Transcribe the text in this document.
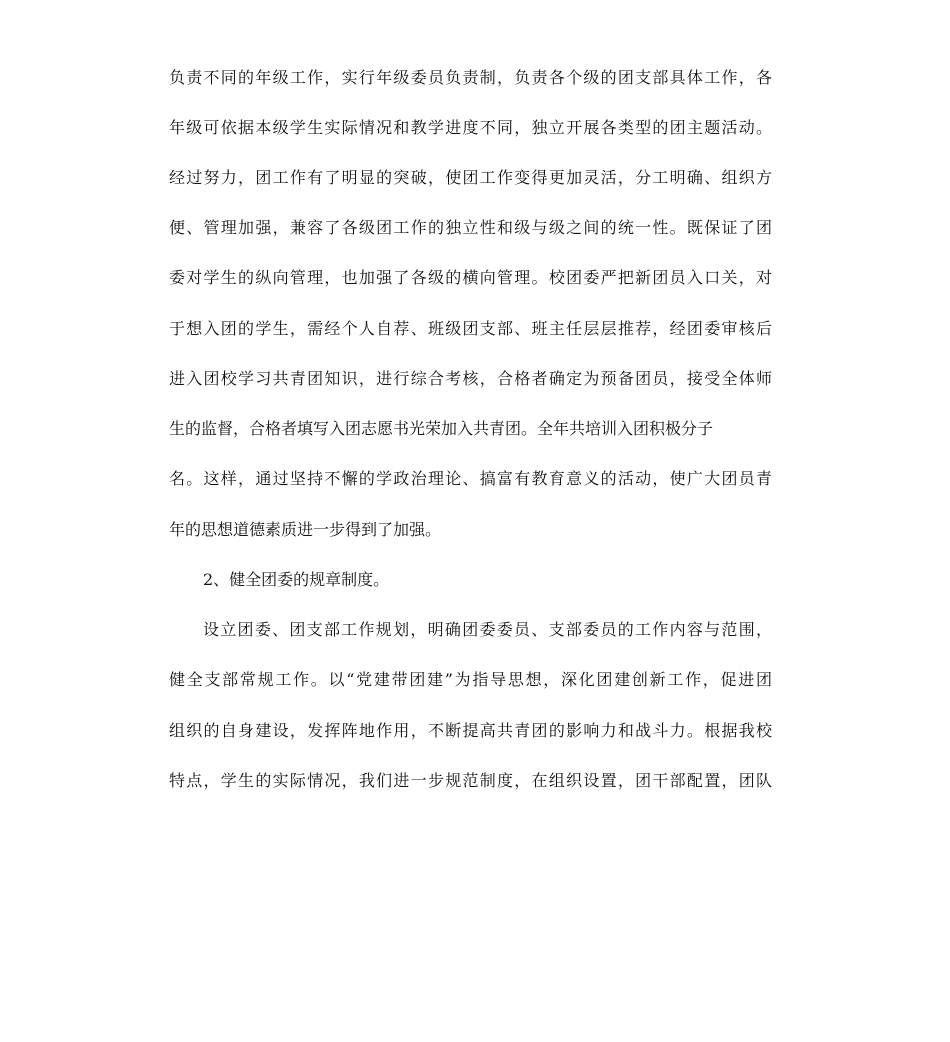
负责不同的年级工作，实行年级委员负责制，负责各个级的团支部具体工作，各
年级可依据本级学生实际情况和教学进度不同，独立开展各类型的团主题活动。
经过努力，团工作有了明显的突破，使团工作变得更加灵活，分工明确、组织方
便、管理加强，兼容了各级团工作的独立性和级与级之间的统一性。既保证了团
委对学生的纵向管理，也加强了各级的横向管理。校团委严把新团员入口关，对
于想入团的学生，需经个人自荐、班级团支部、班主任层层推荐，经团委审核后
进入团校学习共青团知识，进行综合考核，合格者确定为预备团员，接受全体师
生的监督，合格者填写入团志愿书光荣加入共青团。全年共培训入团积极分子
名。这样，通过坚持不懈的学政治理论、搞富有教育意义的活动，使广大团员青
年的思想道德素质进一步得到了加强。
2、健全团委的规章制度。
设立团委、团支部工作规划，明确团委委员、支部委员的工作内容与范围，
健全支部常规工作。以“党建带团建”为指导思想，深化团建创新工作，促进团
组织的自身建设，发挥阵地作用，不断提高共青团的影响力和战斗力。根据我校
特点，学生的实际情况，我们进一步规范制度，在组织设置，团干部配置，团队
